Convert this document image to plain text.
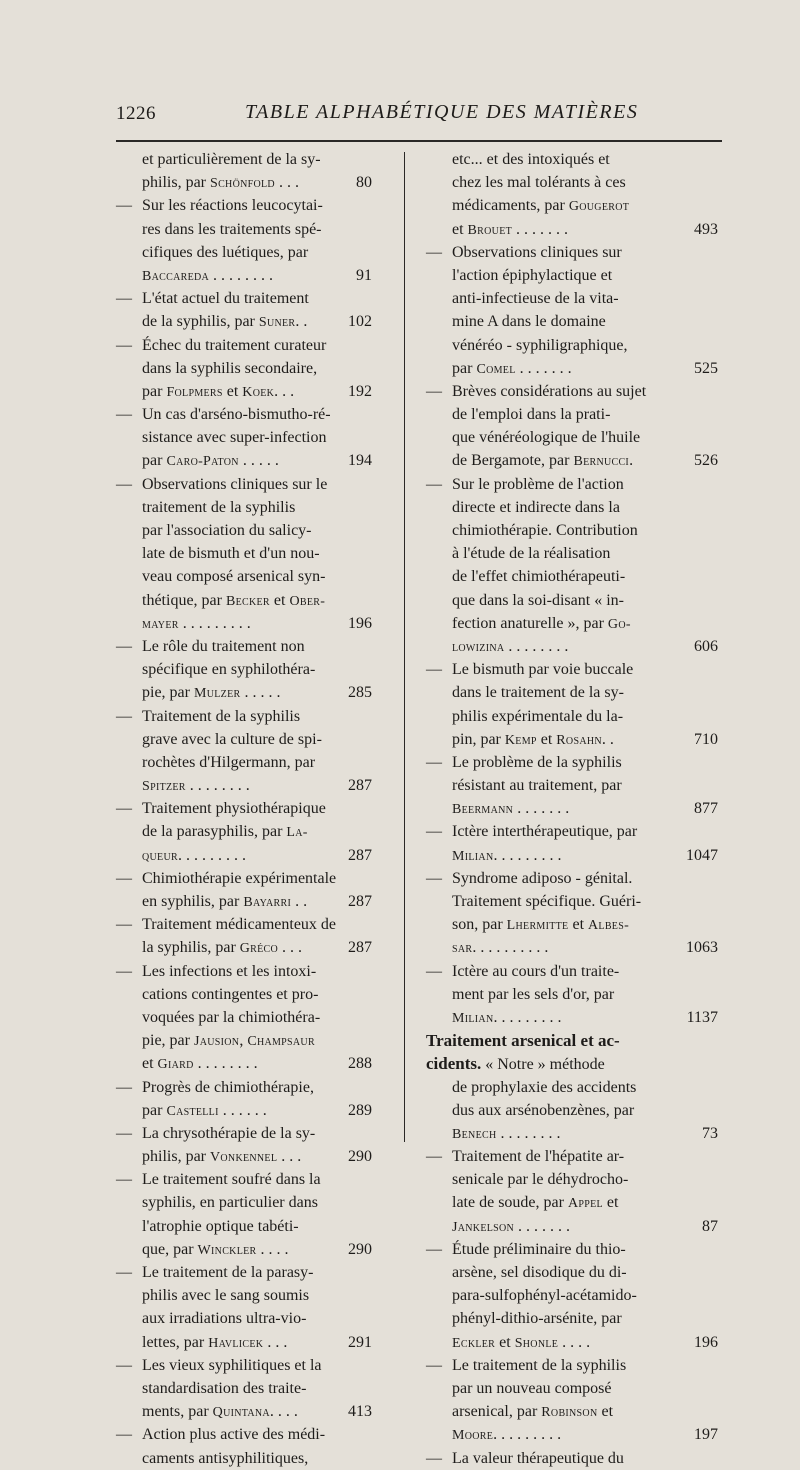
1226	TABLE ALPHABÉTIQUE DES MATIÈRES
et particulièrement de la sy-
philis, par Schönfold . . .	80
— Sur les réactions leucocytai-
res dans les traitements spé-
cifiques des luétiques, par
Baccareda . . . . . . . .	91
— L'état actuel du traitement
de la syphilis, par Suner. .	102
— Échec du traitement curateur
dans la syphilis secondaire,
par Folpmers et Koek. . .	192
— Un cas d'arséno-bismutho-ré-
sistance avec super-infection
par Caro-Paton . . . . .	194
— Observations cliniques sur le
traitement de la syphilis
par l'association du salicy-
late de bismuth et d'un nou-
veau composé arsenical syn-
thétique, par Becker et Ober-
mayer . . . . . . . . .	196
— Le rôle du traitement non
spécifique en syphilothéra-
pie, par Mulzer . . . . .	285
— Traitement de la syphilis
grave avec la culture de spi-
rochètes d'Hilgermann, par
Spitzer . . . . . . . .	287
— Traitement physiothérapique
de la parasyphilis, par La-
queur. . . . . . . . .	287
— Chimiothérapie expérimentale
en syphilis, par Bayarri . .	287
— Traitement médicamenteux de
la syphilis, par Gréco . . .	287
— Les infections et les intoxi-
cations contingentes et pro-
voquées par la chimiothéra-
pie, par Jausion, Champsaur
et Giard . . . . . . . .	288
— Progrès de chimiothérapie,
par Castelli . . . . . .	289
— La chrysothérapie de la sy-
philis, par Vonkennel . . .	290
— Le traitement soufré dans la
syphilis, en particulier dans
l'atrophie optique tabéti-
que, par Winckler . . . .	290
— Le traitement de la parasy-
philis avec le sang soumis
aux irradiations ultra-vio-
lettes, par Havlicek . . .	291
— Les vieux syphilitiques et la
standardisation des traite-
ments, par Quintana. . . .	413
— Action plus active des médi-
caments antisyphilitiques,
etc... et des intoxiqués et
chez les mal tolérants à ces
médicaments, par Gougerot
et Brouet . . . . . . .	493
— Observations cliniques sur
l'action épiphylactique et
anti-infectieuse de la vita-
mine A dans le domaine
vénéréo - syphiligraphique,
par Comel . . . . . . .	525
— Brèves considérations au sujet
de l'emploi dans la prati-
que vénéréologique de l'huile
de Bergamote, par Bernucci.	526
— Sur le problème de l'action
directe et indirecte dans la
chimiothérapie. Contribution
à l'étude de la réalisation
de l'effet chimiothérapeuti-
que dans la soi-disant « in-
fection anaturelle », par Go-
lowizina . . . . . . . .	606
— Le bismuth par voie buccale
dans le traitement de la sy-
philis expérimentale du la-
pin, par Kemp et Rosahn. .	710
— Le problème de la syphilis
résistant au traitement, par
Beermann . . . . . . .	877
— Ictère interthérapeutique, par
Milian. . . . . . . . .	1047
— Syndrome adiposo - génital.
Traitement spécifique. Guéri-
son, par Lhermitte et Albes-
sar. . . . . . . . . .	1063
— Ictère au cours d'un traite-
ment par les sels d'or, par
Milian. . . . . . . . .	1137
Traitement arsenical et ac-
cidents. « Notre » méthode
de prophylaxie des accidents
dus aux arsénobenzènes, par
Benech . . . . . . . .	73
— Traitement de l'hépatite ar-
senicale par le déhydrocho-
late de soude, par Appel et
Jankelson . . . . . . .	87
— Étude préliminaire du thio-
arsène, sel disodique du di-
para-sulfophényl-acétamido-
phényl-dithio-arsénite, par
Eckler et Shonle . . . .	196
— Le traitement de la syphilis
par un nouveau composé
arsenical, par Robinson et
Moore. . . . . . . . .	197
— La valeur thérapeutique du
